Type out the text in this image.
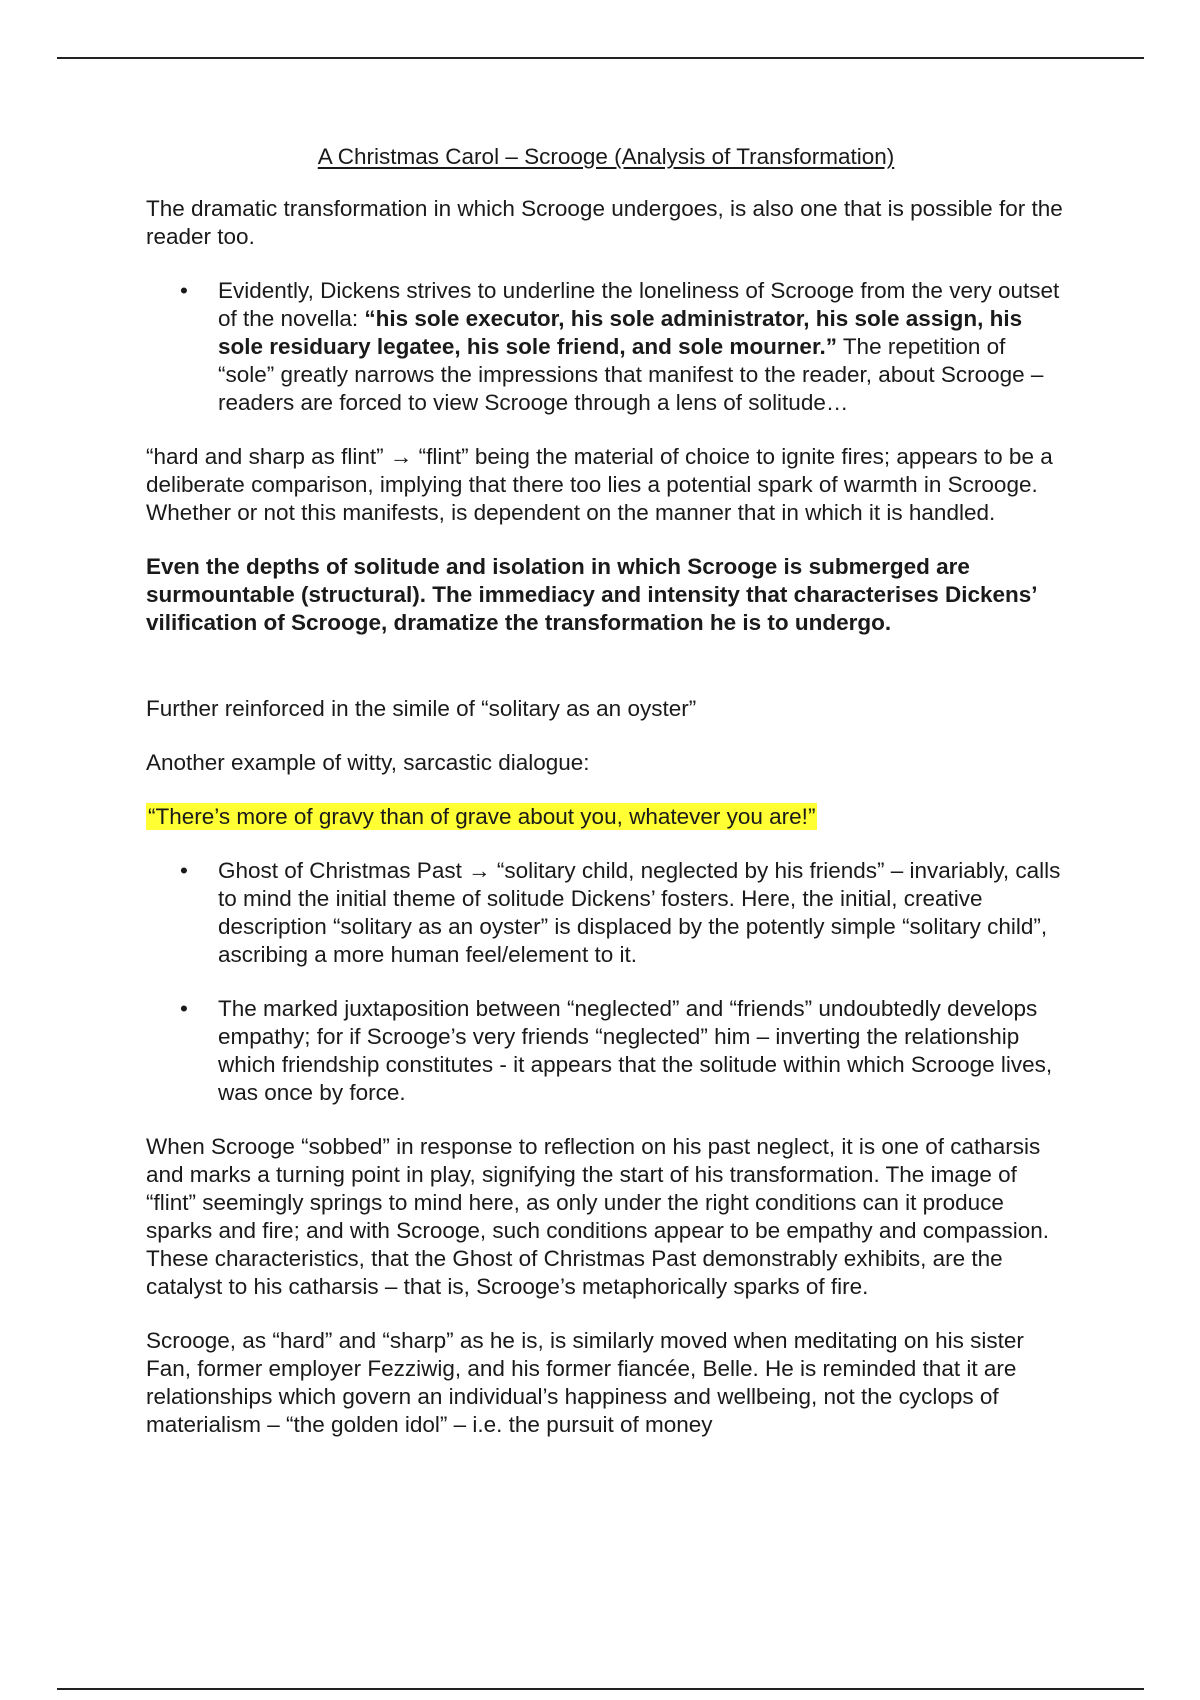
A Christmas Carol – Scrooge (Analysis of Transformation)

The dramatic transformation in which Scrooge undergoes, is also one that is possible for the reader too.

• Evidently, Dickens strives to underline the loneliness of Scrooge from the very outset of the novella: “his sole executor, his sole administrator, his sole assign, his sole residuary legatee, his sole friend, and sole mourner.” The repetition of “sole” greatly narrows the impressions that manifest to the reader, about Scrooge – readers are forced to view Scrooge through a lens of solitude…

“hard and sharp as flint” → “flint” being the material of choice to ignite fires; appears to be a deliberate comparison, implying that there too lies a potential spark of warmth in Scrooge. Whether or not this manifests, is dependent on the manner that in which it is handled.

Even the depths of solitude and isolation in which Scrooge is submerged are surmountable (structural). The immediacy and intensity that characterises Dickens’ vilification of Scrooge, dramatize the transformation he is to undergo.

Further reinforced in the simile of “solitary as an oyster”

Another example of witty, sarcastic dialogue:

“There’s more of gravy than of grave about you, whatever you are!”

• Ghost of Christmas Past → “solitary child, neglected by his friends” – invariably, calls to mind the initial theme of solitude Dickens’ fosters. Here, the initial, creative description “solitary as an oyster” is displaced by the potently simple “solitary child”, ascribing a more human feel/element to it.
• The marked juxtaposition between “neglected” and “friends” undoubtedly develops empathy; for if Scrooge’s very friends “neglected” him – inverting the relationship which friendship constitutes - it appears that the solitude within which Scrooge lives, was once by force.

When Scrooge “sobbed” in response to reflection on his past neglect, it is one of catharsis and marks a turning point in play, signifying the start of his transformation. The image of “flint” seemingly springs to mind here, as only under the right conditions can it produce sparks and fire; and with Scrooge, such conditions appear to be empathy and compassion. These characteristics, that the Ghost of Christmas Past demonstrably exhibits, are the catalyst to his catharsis – that is, Scrooge’s metaphorically sparks of fire.

Scrooge, as “hard” and “sharp” as he is, is similarly moved when meditating on his sister Fan, former employer Fezziwig, and his former fiancée, Belle. He is reminded that it are relationships which govern an individual’s happiness and wellbeing, not the cyclops of materialism – “the golden idol” – i.e. the pursuit of money
